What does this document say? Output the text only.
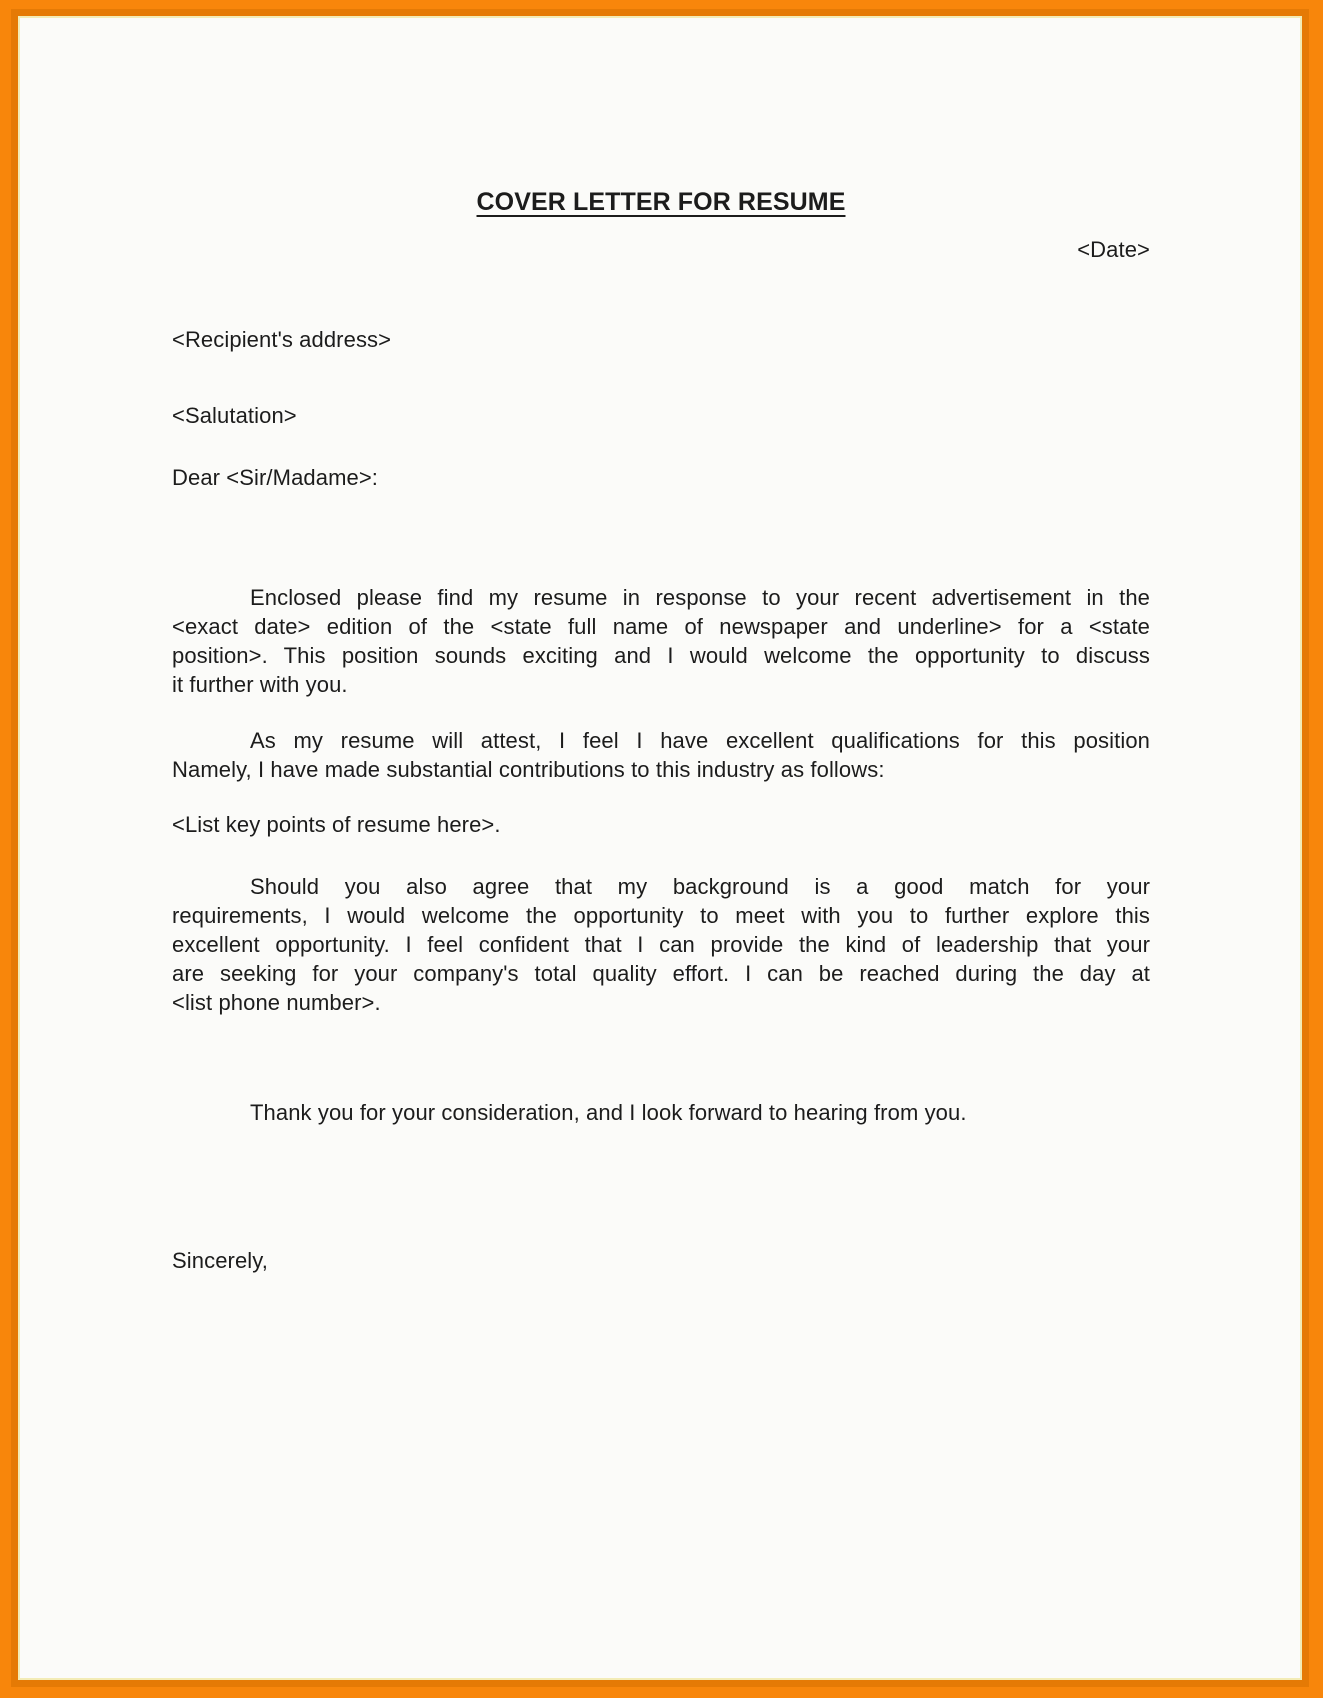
COVER LETTER FOR RESUME
<Date>
<Recipient's address>
<Salutation>
Dear <Sir/Madame>:
Enclosed please find my resume in response to your recent advertisement in the
<exact date> edition of the <state full name of newspaper and underline> for a <state
position>. This position sounds exciting and I would welcome the opportunity to discuss
it further with you.
As my resume will attest, I feel I have excellent qualifications for this position
Namely, I have made substantial contributions to this industry as follows:
<List key points of resume here>.
Should you also agree that my background is a good match for your
requirements, I would welcome the opportunity to meet with you to further explore this
excellent opportunity. I feel confident that I can provide the kind of leadership that your
are seeking for your company's total quality effort. I can be reached during the day at
<list phone number>.
Thank you for your consideration, and I look forward to hearing from you.
Sincerely,
